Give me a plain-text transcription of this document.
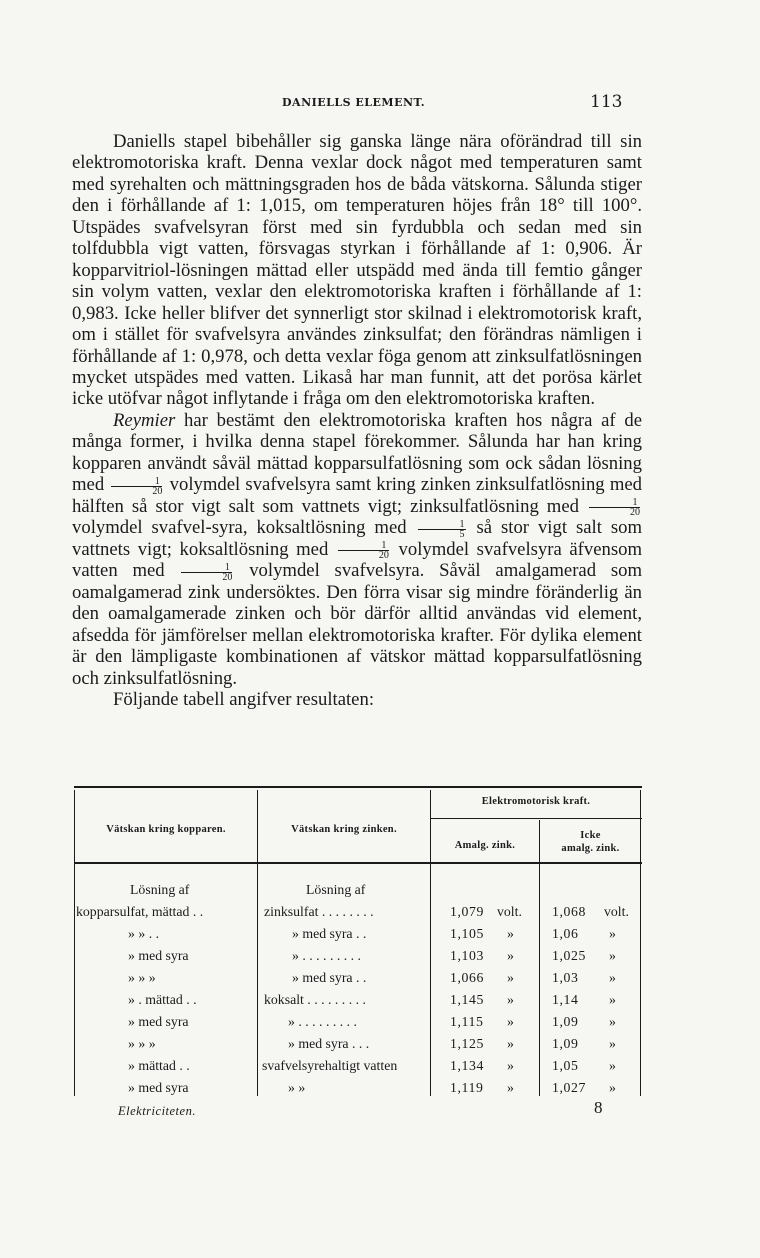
DANIELLS ELEMENT.	113

Daniells stapel bibehåller sig ganska länge nära oförändrad till sin elektromotoriska kraft. Denna vexlar dock något med temperaturen samt med syrehalten och mättningsgraden hos de båda vätskorna. Sålunda stiger den i förhållande af 1: 1,015, om temperaturen höjes från 18° till 100°. Utspädes svafvelsyran först med sin fyrdubbla och sedan med sin tolfdubbla vigt vatten, försvagas styrkan i förhållande af 1: 0,906. Är kopparvitriol-lösningen mättad eller utspädd med ända till femtio gånger sin volym vatten, vexlar den elektromotoriska kraften i förhållande af 1: 0,983. Icke heller blifver det synnerligt stor skilnad i elektromotorisk kraft, om i stället för svafvelsyra användes zinksulfat; den förändras nämligen i förhållande af 1: 0,978, och detta vexlar föga genom att zinksulfatlösningen mycket utspädes med vatten. Likaså har man funnit, att det porösa kärlet icke utöfvar något inflytande i fråga om den elektromotoriska kraften.

Reymier har bestämt den elektromotoriska kraften hos några af de många former, i hvilka denna stapel förekommer. Sålunda har han kring kopparen användt såväl mättad kopparsulfatlösning som ock sådan lösning med $\frac{1}{20}$ volymdel svafvelsyra samt kring zinken zinksulfatlösning med hälften så stor vigt salt som vattnets vigt; zinksulfatlösning med $\frac{1}{20}$
volymdel svafvel-syra, koksaltlösning med $\frac{1}{5}$ så stor vigt salt som vattnets vigt; koksaltlösning med $\frac{1}{20}$ volymdel svafvelsyra äfvensom vatten med $\frac{1}{20}$ volymdel svafvelsyra. Såväl amalgamerad som oamalgamerad zink undersöktes. Den förra visar sig mindre föränderlig än den oamalgamerade zinken och bör därför alltid användas vid element, afsedda för jämförelser mellan elektromotoriska krafter. För dylika element är den lämpligaste kombinationen af vätskor mättad kopparsulfatlösning och zinksulfatlösning.

Följande tabell angifver resultaten:

Vätskan kring kopparen.	Vätskan kring zinken.
Elektromotorisk kraft.
Amalg. zink.
Icke
amalg. zink.
Lösning af	Lösning af
kopparsulfat, mättad . .	zinksulfat . . . . . . . .	1,079 volt. 1,068 volt.
» » . .	» med syra . .	1,105 »	1,06 »
» med syra	» . . . . . . . . .	1,103 »	1,025 »
» » »	» med syra . .	1,066 »	1,03 »
» . mättad . .	koksalt . . . . . . . . .	1,145 »	1,14 »
» med syra	» . . . . . . . . .	1,115 »	1,09 »
» » »	» med syra . . .	1,125 »	1,09 »
» mättad . .	svafvelsyrehaltigt vatten	1,134 »	1,05 »
» med syra	» »	1,119 »	1,027 »
Elektriciteten.	8
